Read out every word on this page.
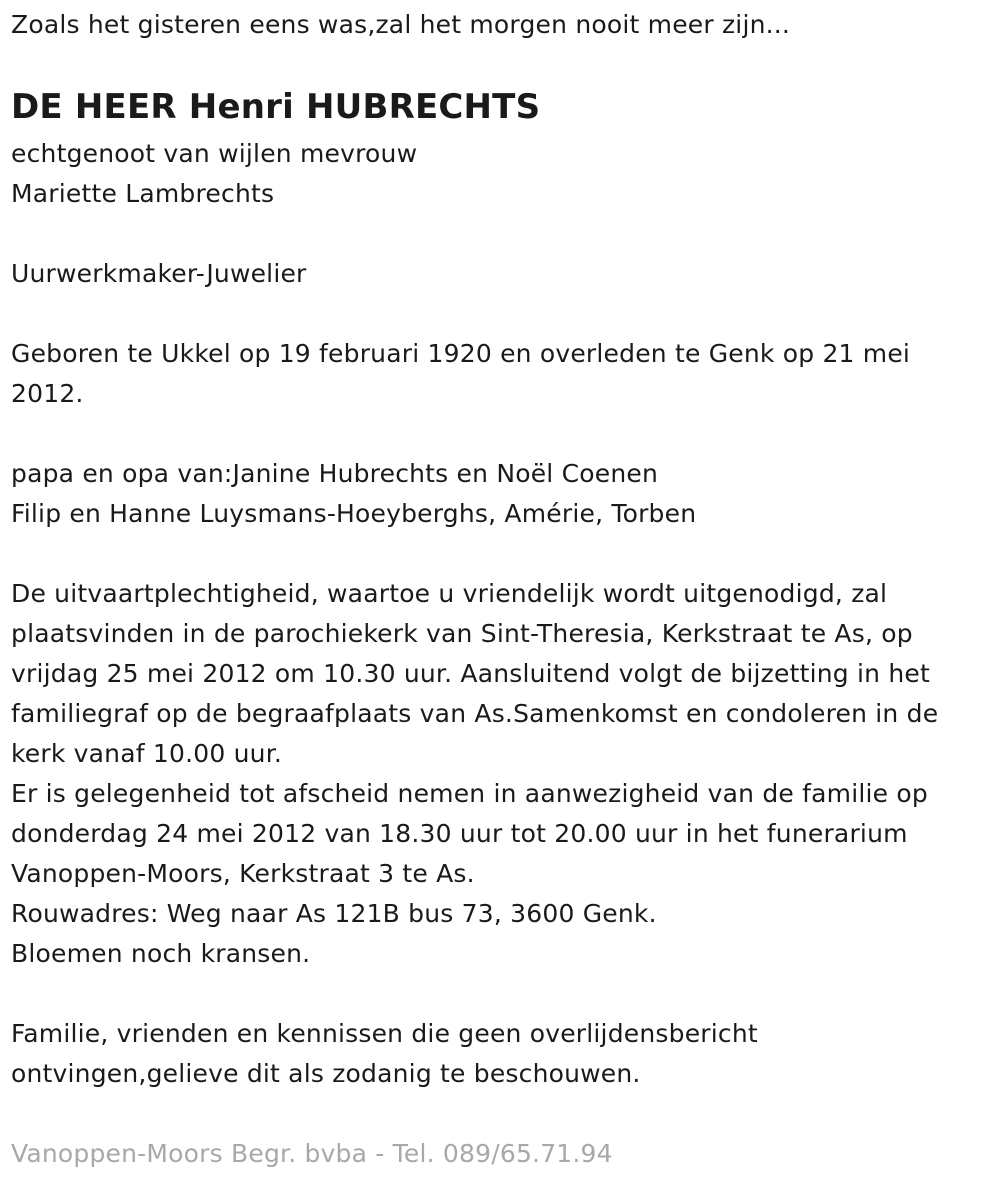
Zoals het gisteren eens was,zal het morgen nooit meer zijn...

DE HEER Henri HUBRECHTS

echtgenoot van wijlen mevrouw

Mariette Lambrechts

Uurwerkmaker-Juwelier

Geboren te Ukkel op 19 februari 1920 en overleden te Genk op 21 mei

2012.

papa en opa van:Janine Hubrechts en Noël Coenen

Filip en Hanne Luysmans-Hoeyberghs, Amérie, Torben

De uitvaartplechtigheid, waartoe u vriendelijk wordt uitgenodigd, zal

plaatsvinden in de parochiekerk van Sint-Theresia, Kerkstraat te As, op

vrijdag 25 mei 2012 om 10.30 uur. Aansluitend volgt de bijzetting in het

familiegraf op de begraafplaats van As.Samenkomst en condoleren in de

kerk vanaf 10.00 uur.

Er is gelegenheid tot afscheid nemen in aanwezigheid van de familie op

donderdag 24 mei 2012 van 18.30 uur tot 20.00 uur in het funerarium

Vanoppen-Moors, Kerkstraat 3 te As.

Rouwadres: Weg naar As 121B bus 73, 3600 Genk.

Bloemen noch kransen.

Familie, vrienden en kennissen die geen overlijdensbericht

ontvingen,gelieve dit als zodanig te beschouwen.

Vanoppen-Moors Begr. bvba - Tel. 089/65.71.94
